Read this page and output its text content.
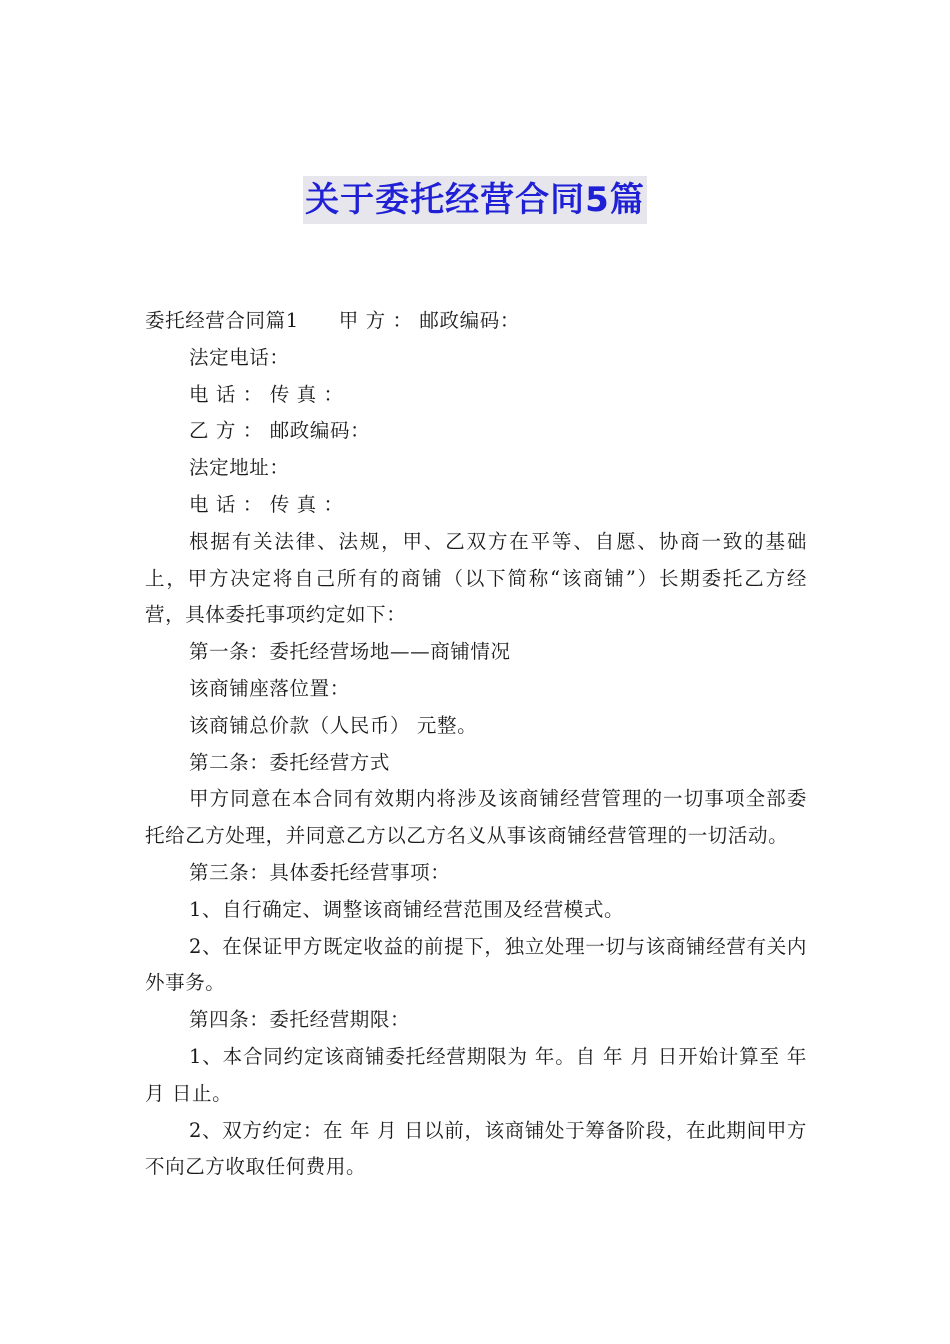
关于委托经营合同5篇

委托经营合同篇1 甲 方 ： 邮政编码：

法定电话：

电 话 ： 传 真 ：

乙 方 ： 邮政编码：

法定地址：

电 话 ： 传 真 ：

根据有关法律、法规，甲、乙双方在平等、自愿、协商一致的基础上，甲方决定将自己所有的商铺（以下简称“该商铺”）长期委托乙方经营，具体委托事项约定如下：

第一条：委托经营场地——商铺情况

该商铺座落位置：

该商铺总价款（人民币） 元整。

第二条：委托经营方式

甲方同意在本合同有效期内将涉及该商铺经营管理的一切事项全部委托给乙方处理，并同意乙方以乙方名义从事该商铺经营管理的一切活动。

第三条：具体委托经营事项：

1、自行确定、调整该商铺经营范围及经营模式。

2、在保证甲方既定收益的前提下，独立处理一切与该商铺经营有关内外事务。

第四条：委托经营期限：

1、本合同约定该商铺委托经营期限为 年。自 年 月 日开始计算至 年 月 日止。

2、双方约定：在 年 月 日以前，该商铺处于筹备阶段，在此期间甲方不向乙方收取任何费用。
